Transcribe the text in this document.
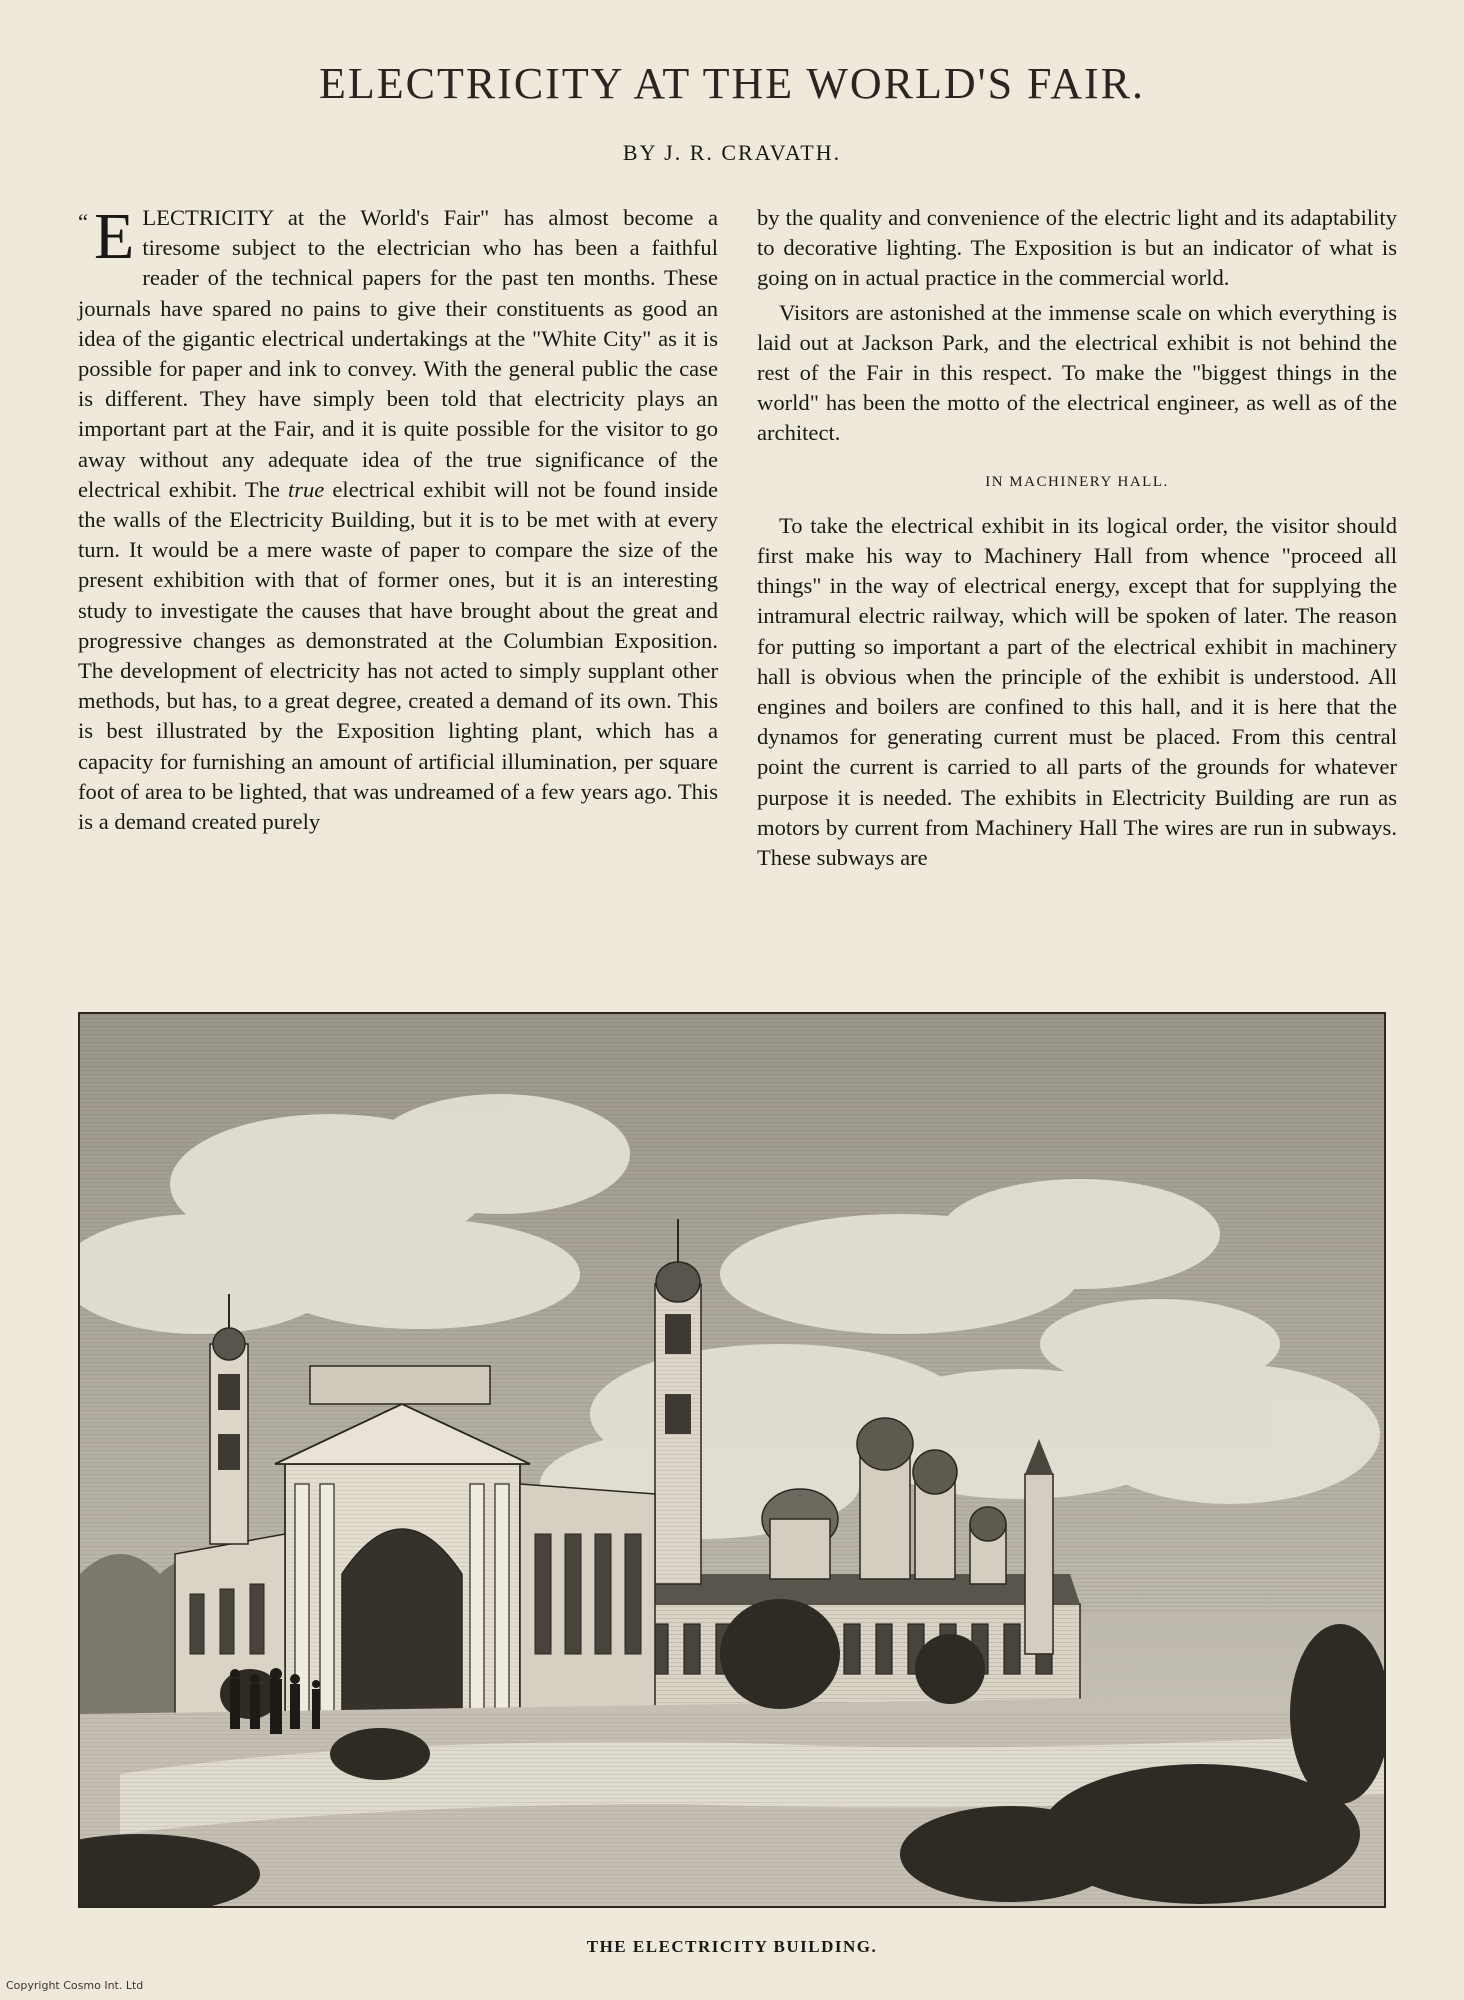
ELECTRICITY AT THE WORLD'S FAIR.
BY J. R. CRAVATH.

“ E LECTRICITY at the World's Fair" has almost become a tiresome subject to the electrician who has been a faithful reader of the technical papers for the past ten months. These journals have spared no pains to give their constituents as good an idea of the gigantic electrical undertakings at the "White City" as it is possible for paper and ink to convey. With the general public the case is different. They have simply been told that electricity plays an important part at the Fair, and it is quite possible for the visitor to go away without any adequate idea of the true significance of the electrical exhibit. The true electrical exhibit will not be found inside the walls of the Electricity Building, but it is to be met with at every turn. It would be a mere waste of paper to compare the size of the present exhibition with that of former ones, but it is an interesting study to investigate the causes that have brought about the great and progressive changes as demonstrated at the Columbian Exposition. The development of electricity has not acted to simply supplant other methods, but has, to a great degree, created a demand of its own. This is best illustrated by the Exposition lighting plant, which has a capacity for furnishing an amount of artificial illumination, per square foot of area to be lighted, that was undreamed of a few years ago. This is a demand created purely

by the quality and convenience of the electric light and its adaptability to decorative lighting. The Exposition is but an indicator of what is going on in actual practice in the commercial world.

Visitors are astonished at the immense scale on which everything is laid out at Jackson Park, and the electrical exhibit is not behind the rest of the Fair in this respect. To make the "biggest things in the world" has been the motto of the electrical engineer, as well as of the architect.

IN MACHINERY HALL.

To take the electrical exhibit in its logical order, the visitor should first make his way to Machinery Hall from whence "proceed all things" in the way of electrical energy, except that for supplying the intramural electric railway, which will be spoken of later. The reason for putting so important a part of the electrical exhibit in machinery hall is obvious when the principle of the exhibit is understood. All engines and boilers are confined to this hall, and it is here that the dynamos for generating current must be placed. From this central point the current is carried to all parts of the grounds for whatever purpose it is needed. The exhibits in Electricity Building are run as motors by current from Machinery Hall The wires are run in subways. These subways are

THE ELECTRICITY BUILDING.
Copyright Cosmo Int. Ltd
